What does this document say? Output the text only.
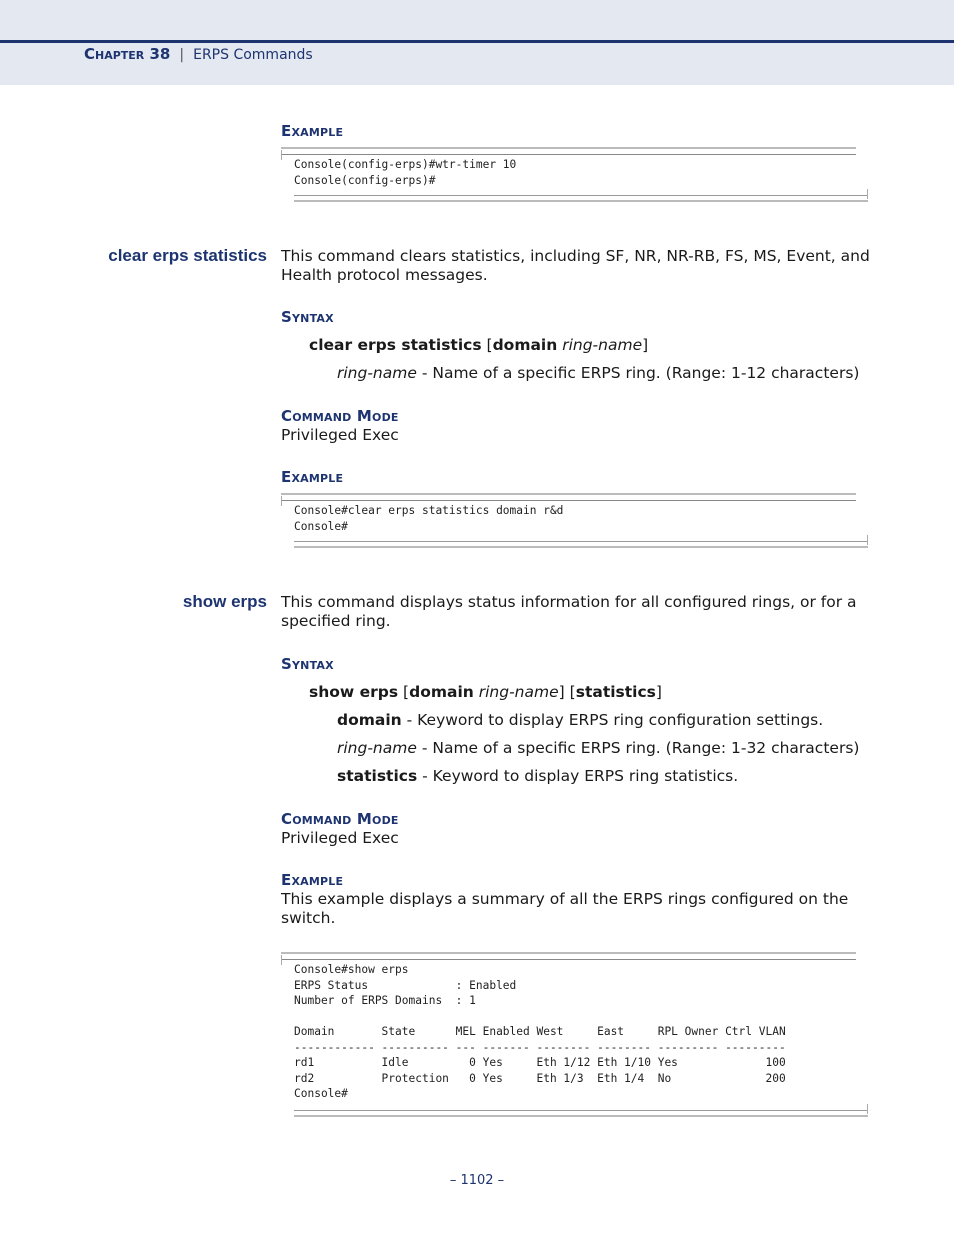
Chapter 38 | ERPS Commands
Example
Console(config-erps)#wtr-timer 10
Console(config-erps)#
clear erps statistics This command clears statistics, including SF, NR, NR-RB, FS, MS, Event, and Health protocol messages.
Syntax
clear erps statistics [domain ring-name]
ring-name - Name of a specific ERPS ring. (Range: 1-12 characters)
Command Mode
Privileged Exec
Example
Console#clear erps statistics domain r&d
Console#
show erps This command displays status information for all configured rings, or for a specified ring.
Syntax
show erps [domain ring-name] [statistics]
domain - Keyword to display ERPS ring configuration settings.
ring-name - Name of a specific ERPS ring. (Range: 1-32 characters)
statistics - Keyword to display ERPS ring statistics.
Command Mode
Privileged Exec
Example
This example displays a summary of all the ERPS rings configured on the switch.
Console#show erps
ERPS Status             : Enabled
Number of ERPS Domains  : 1

Domain       State      MEL Enabled West     East     RPL Owner Ctrl VLAN
------------ ---------- --- ------- -------- -------- --------- ---------
rd1          Idle         0 Yes     Eth 1/12 Eth 1/10 Yes             100
rd2          Protection   0 Yes     Eth 1/3  Eth 1/4  No              200
Console#
– 1102 –
